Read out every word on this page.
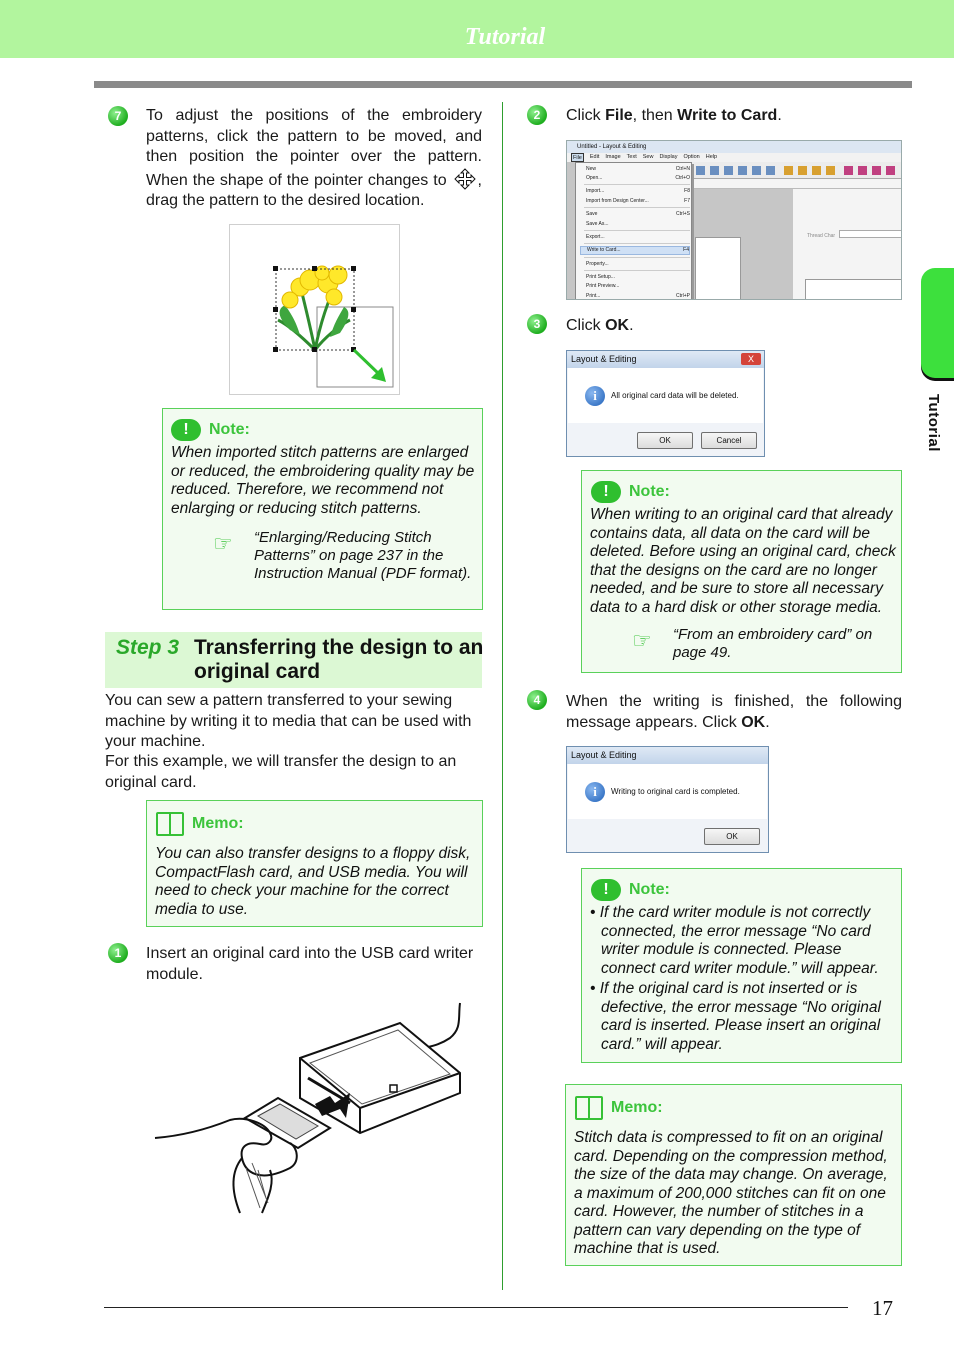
Tutorial
Tutorial
17
7	To adjust the positions of the embroidery patterns, click the pattern to be moved, and then position the pointer over the pattern. When the shape of the pointer changes to , drag the pattern to the desired location.
!	Note:
When imported stitch patterns are enlarged or reduced, the embroidering quality may be reduced. Therefore, we recommend not enlarging or reducing stitch patterns.
☞ “Enlarging/Reducing Stitch Patterns” on page 237 in the Instruction Manual (PDF format).
Step 3 Transferring the design to an original card
You can sew a pattern transferred to your sewing machine by writing it to media that can be used with your machine.
For this example, we will transfer the design to an original card.
Memo:
You can also transfer designs to a floppy disk, CompactFlash card, and USB media. You will need to check your machine for the correct media to use.
1	Insert an original card into the USB card writer module.
2	Click File, then Write to Card.
Untitled - Layout & Editing
File	Edit Image Text Sew Display Option Help
Thread Char
New	Ctrl+N
Open...	Ctrl+O
Import...	F8
Import from Design Center...	F7
Save	Ctrl+S
Save As...
Export...
Write to Card...	F4
Property...
Print Setup...
Print Preview...
Print...	Ctrl+P
3	Click OK.
Layout & Editing	X
i	All original card data will be deleted.
OK	Cancel
!	Note:
When writing to an original card that already contains data, all data on the card will be deleted. Before using an original card, check that the designs on the card are no longer needed, and be sure to store all necessary data to a hard disk or other storage media.
☞ “From an embroidery card” on page 49.
4	When the writing is finished, the following message appears. Click OK.
Layout & Editing
i	Writing to original card is completed.
OK
!	Note:
• If the card writer module is not correctly connected, the error message “No card writer module is connected. Please connect card writer module.” will appear.
• If the original card is not inserted or is defective, the error message “No original card is inserted. Please insert an original card.” will appear.
Memo:
Stitch data is compressed to fit on an original card. Depending on the compression method, the size of the data may change. On average, a maximum of 200,000 stitches can fit on one card. However, the number of stitches in a pattern can vary depending on the type of machine that is used.
